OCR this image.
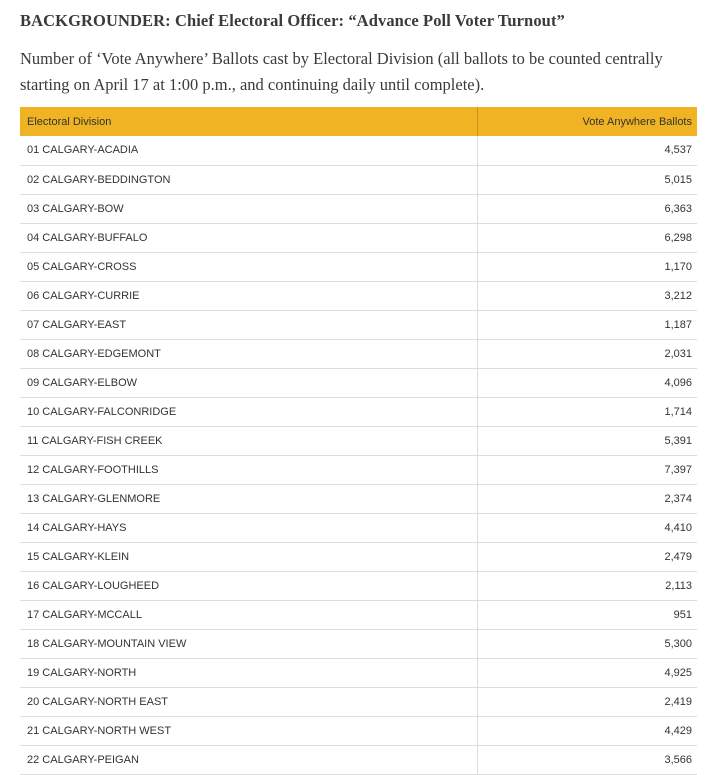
BACKGROUNDER: Chief Electoral Officer: “Advance Poll Voter Turnout”
Number of ‘Vote Anywhere’ Ballots cast by Electoral Division (all ballots to be counted centrally starting on April 17 at 1:00 p.m., and continuing daily until complete).
Electoral Division	Vote Anywhere Ballots
01 CALGARY-ACADIA	4,537
02 CALGARY-BEDDINGTON	5,015
03 CALGARY-BOW	6,363
04 CALGARY-BUFFALO	6,298
05 CALGARY-CROSS	1,170
06 CALGARY-CURRIE	3,212
07 CALGARY-EAST	1,187
08 CALGARY-EDGEMONT	2,031
09 CALGARY-ELBOW	4,096
10 CALGARY-FALCONRIDGE	1,714
11 CALGARY-FISH CREEK	5,391
12 CALGARY-FOOTHILLS	7,397
13 CALGARY-GLENMORE	2,374
14 CALGARY-HAYS	4,410
15 CALGARY-KLEIN	2,479
16 CALGARY-LOUGHEED	2,113
17 CALGARY-MCCALL	951
18 CALGARY-MOUNTAIN VIEW	5,300
19 CALGARY-NORTH	4,925
20 CALGARY-NORTH EAST	2,419
21 CALGARY-NORTH WEST	4,429
22 CALGARY-PEIGAN	3,566
